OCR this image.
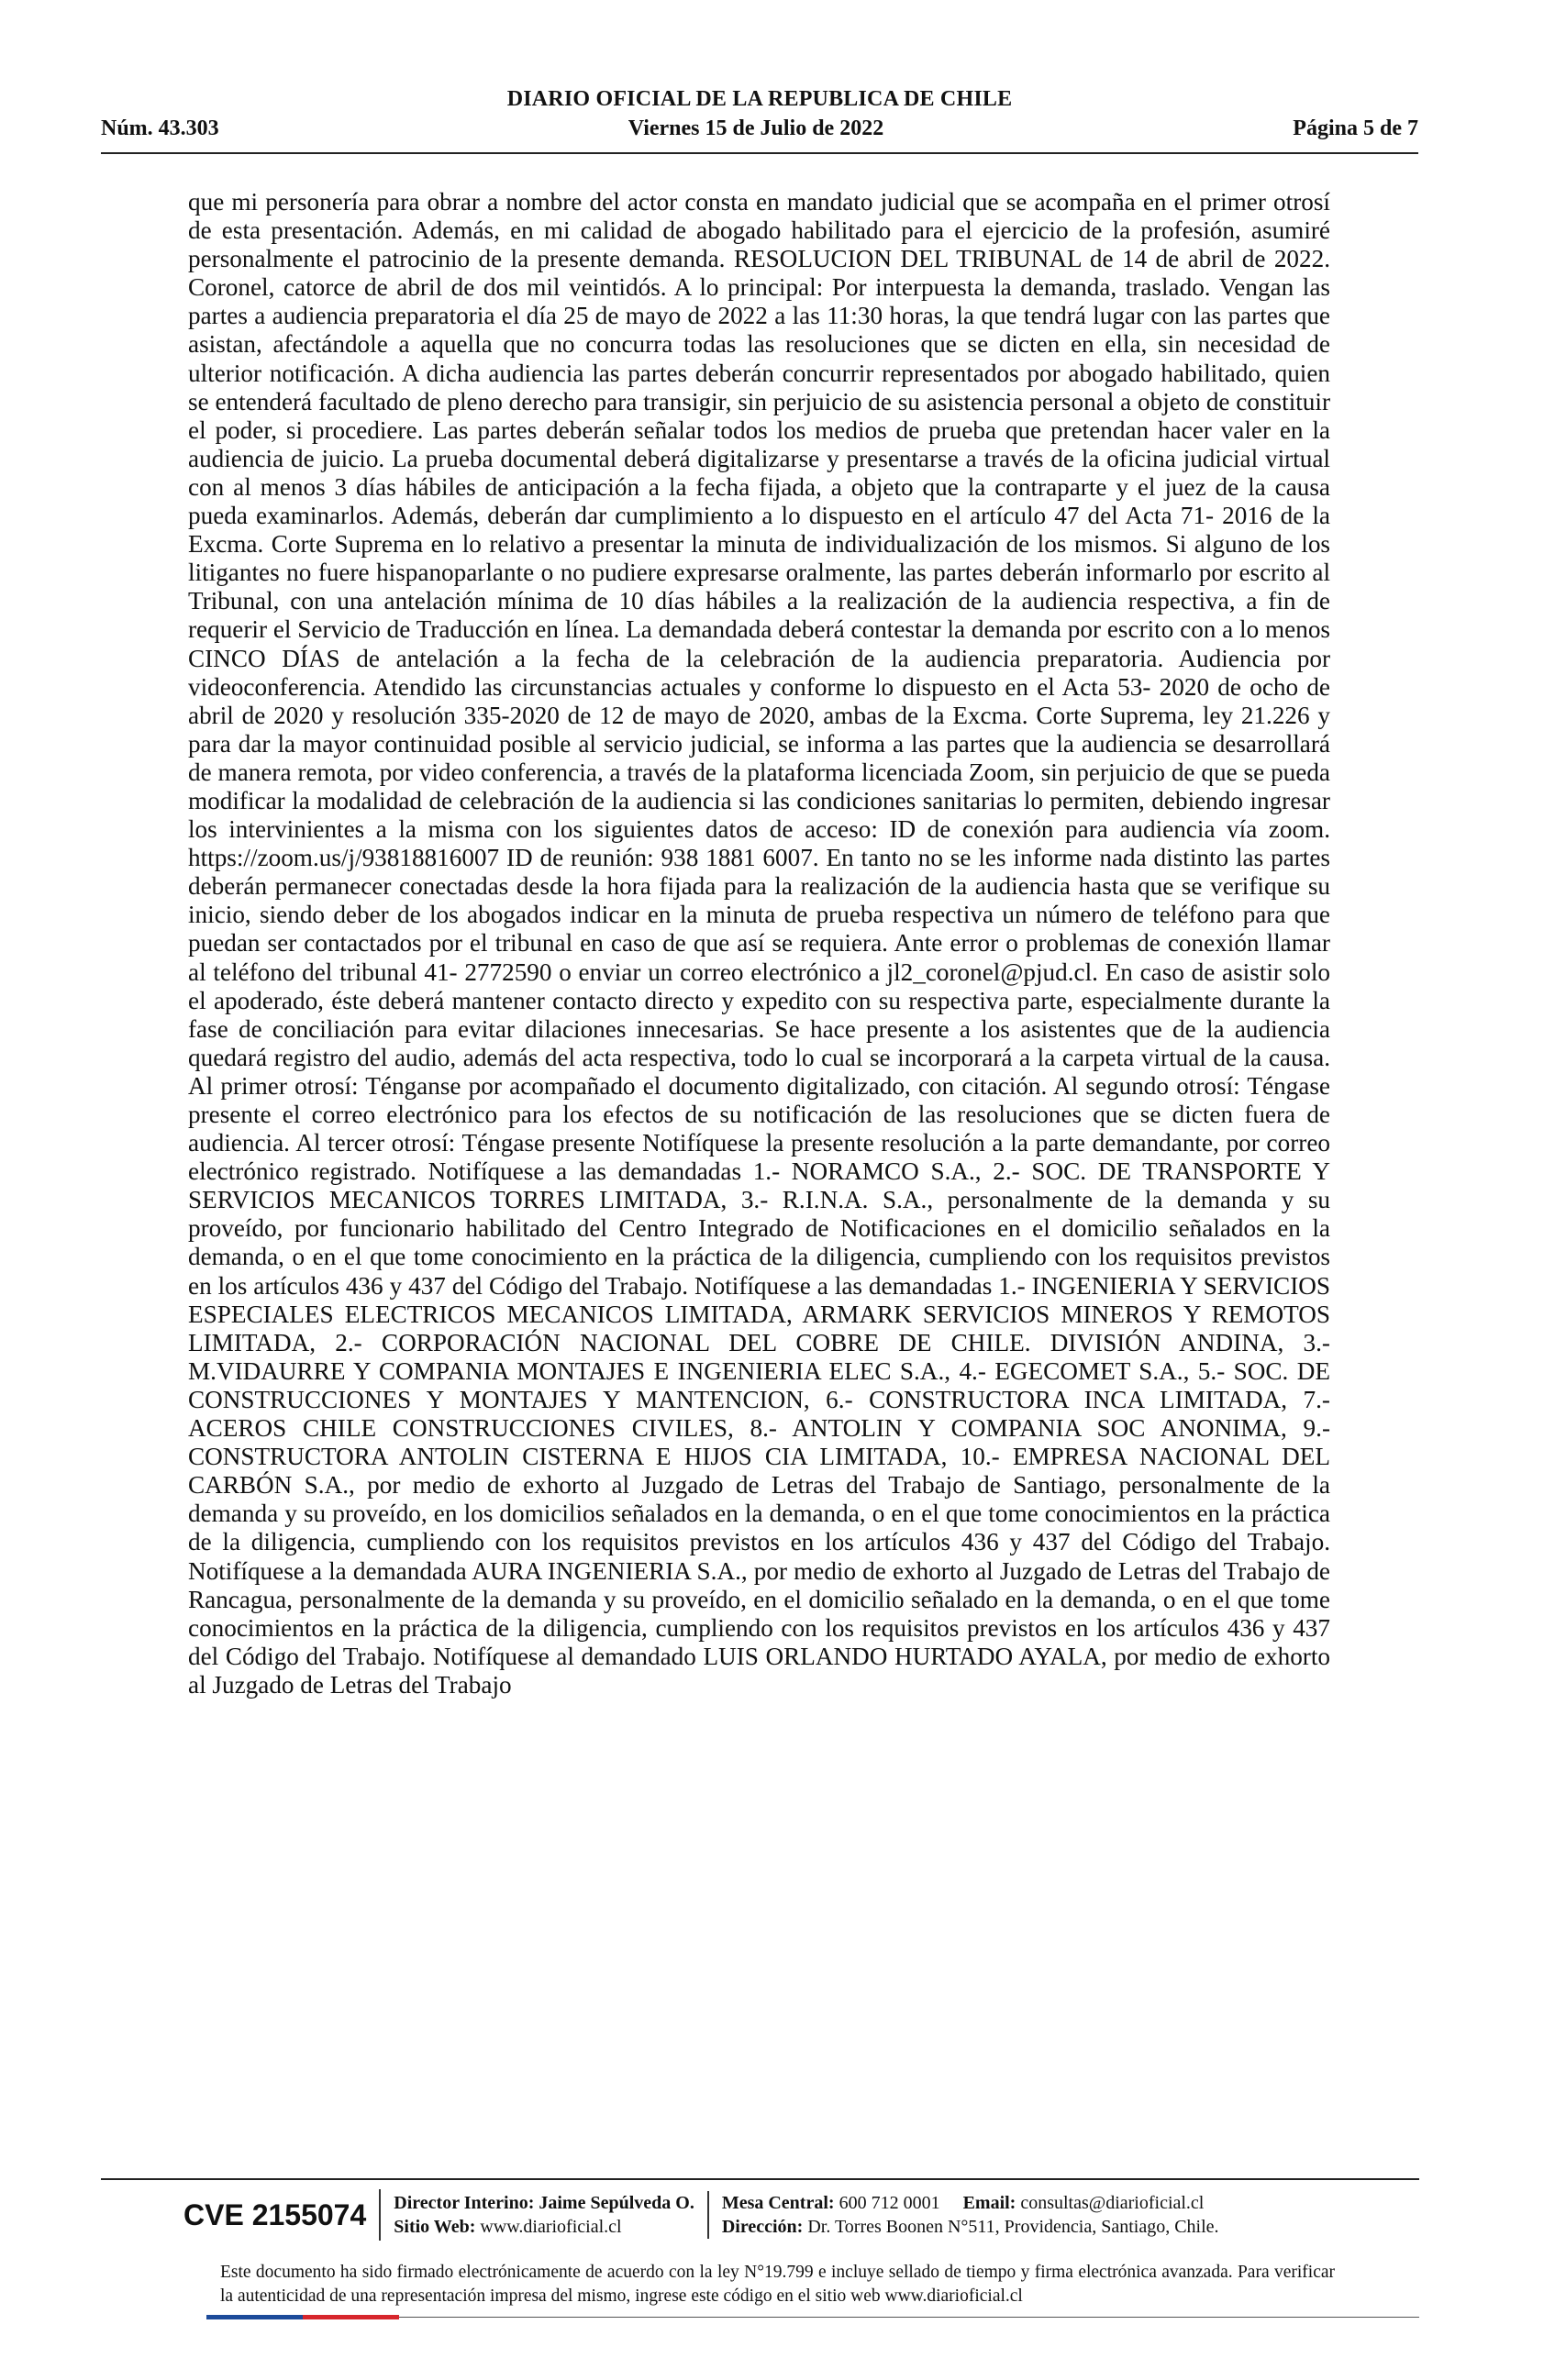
DIARIO OFICIAL DE LA REPUBLICA DE CHILE
Núm. 43.303	Viernes 15 de Julio de 2022	Página 5 de 7

que mi personería para obrar a nombre del actor consta en mandato judicial que se acompaña en el primer otrosí de esta presentación. Además, en mi calidad de abogado habilitado para el ejercicio de la profesión, asumiré personalmente el patrocinio de la presente demanda. RESOLUCION DEL TRIBUNAL de 14 de abril de 2022. Coronel, catorce de abril de dos mil veintidós. A lo principal: Por interpuesta la demanda, traslado. Vengan las partes a audiencia preparatoria el día 25 de mayo de 2022 a las 11:30 horas, la que tendrá lugar con las partes que asistan, afectándole a aquella que no concurra todas las resoluciones que se dicten en ella, sin necesidad de ulterior notificación. A dicha audiencia las partes deberán concurrir representados por abogado habilitado, quien se entenderá facultado de pleno derecho para transigir, sin perjuicio de su asistencia personal a objeto de constituir el poder, si procediere. Las partes deberán señalar todos los medios de prueba que pretendan hacer valer en la audiencia de juicio. La prueba documental deberá digitalizarse y presentarse a través de la oficina judicial virtual con al menos 3 días hábiles de anticipación a la fecha fijada, a objeto que la contraparte y el juez de la causa pueda examinarlos. Además, deberán dar cumplimiento a lo dispuesto en el artículo 47 del Acta 71- 2016 de la Excma. Corte Suprema en lo relativo a presentar la minuta de individualización de los mismos. Si alguno de los litigantes no fuere hispanoparlante o no pudiere expresarse oralmente, las partes deberán informarlo por escrito al Tribunal, con una antelación mínima de 10 días hábiles a la realización de la audiencia respectiva, a fin de requerir el Servicio de Traducción en línea. La demandada deberá contestar la demanda por escrito con a lo menos CINCO DÍAS de antelación a la fecha de la celebración de la audiencia preparatoria. Audiencia por videoconferencia. Atendido las circunstancias actuales y conforme lo dispuesto en el Acta 53- 2020 de ocho de abril de 2020 y resolución 335-2020 de 12 de mayo de 2020, ambas de la Excma. Corte Suprema, ley 21.226 y para dar la mayor continuidad posible al servicio judicial, se informa a las partes que la audiencia se desarrollará de manera remota, por video conferencia, a través de la plataforma licenciada Zoom, sin perjuicio de que se pueda modificar la modalidad de celebración de la audiencia si las condiciones sanitarias lo permiten, debiendo ingresar los intervinientes a la misma con los siguientes datos de acceso: ID de conexión para audiencia vía zoom. https://zoom.us/j/93818816007 ID de reunión: 938 1881 6007. En tanto no se les informe nada distinto las partes deberán permanecer conectadas desde la hora fijada para la realización de la audiencia hasta que se verifique su inicio, siendo deber de los abogados indicar en la minuta de prueba respectiva un número de teléfono para que puedan ser contactados por el tribunal en caso de que así se requiera. Ante error o problemas de conexión llamar al teléfono del tribunal 41- 2772590 o enviar un correo electrónico a jl2_coronel@pjud.cl. En caso de asistir solo el apoderado, éste deberá mantener contacto directo y expedito con su respectiva parte, especialmente durante la fase de conciliación para evitar dilaciones innecesarias. Se hace presente a los asistentes que de la audiencia quedará registro del audio, además del acta respectiva, todo lo cual se incorporará a la carpeta virtual de la causa. Al primer otrosí: Ténganse por acompañado el documento digitalizado, con citación. Al segundo otrosí: Téngase presente el correo electrónico para los efectos de su notificación de las resoluciones que se dicten fuera de audiencia. Al tercer otrosí: Téngase presente Notifíquese la presente resolución a la parte demandante, por correo electrónico registrado. Notifíquese a las demandadas 1.- NORAMCO S.A., 2.- SOC. DE TRANSPORTE Y SERVICIOS MECANICOS TORRES LIMITADA, 3.- R.I.N.A. S.A., personalmente de la demanda y su proveído, por funcionario habilitado del Centro Integrado de Notificaciones en el domicilio señalados en la demanda, o en el que tome conocimiento en la práctica de la diligencia, cumpliendo con los requisitos previstos en los artículos 436 y 437 del Código del Trabajo. Notifíquese a las demandadas 1.- INGENIERIA Y SERVICIOS ESPECIALES ELECTRICOS MECANICOS LIMITADA, ARMARK SERVICIOS MINEROS Y REMOTOS LIMITADA, 2.- CORPORACIÓN NACIONAL DEL COBRE DE CHILE. DIVISIÓN ANDINA, 3.- M.VIDAURRE Y COMPANIA MONTAJES E INGENIERIA ELEC S.A., 4.- EGECOMET S.A., 5.- SOC. DE CONSTRUCCIONES Y MONTAJES Y MANTENCION, 6.- CONSTRUCTORA INCA LIMITADA, 7.- ACEROS CHILE CONSTRUCCIONES CIVILES, 8.- ANTOLIN Y COMPANIA SOC ANONIMA, 9.- CONSTRUCTORA ANTOLIN CISTERNA E HIJOS CIA LIMITADA, 10.- EMPRESA NACIONAL DEL CARBÓN S.A., por medio de exhorto al Juzgado de Letras del Trabajo de Santiago, personalmente de la demanda y su proveído, en los domicilios señalados en la demanda, o en el que tome conocimientos en la práctica de la diligencia, cumpliendo con los requisitos previstos en los artículos 436 y 437 del Código del Trabajo. Notifíquese a la demandada AURA INGENIERIA S.A., por medio de exhorto al Juzgado de Letras del Trabajo de Rancagua, personalmente de la demanda y su proveído, en el domicilio señalado en la demanda, o en el que tome conocimientos en la práctica de la diligencia, cumpliendo con los requisitos previstos en los artículos 436 y 437 del Código del Trabajo. Notifíquese al demandado LUIS ORLANDO HURTADO AYALA, por medio de exhorto al Juzgado de Letras del Trabajo

CVE 2155074	Director Interino: Jaime Sepúlveda O.
Sitio Web: www.diarioficial.cl
Mesa Central: 600 712 0001 Email: consultas@diarioficial.cl
Dirección: Dr. Torres Boonen N°511, Providencia, Santiago, Chile.

Este documento ha sido firmado electrónicamente de acuerdo con la ley N°19.799 e incluye sellado de tiempo y firma electrónica avanzada. Para verificar la autenticidad de una representación impresa del mismo, ingrese este código en el sitio web www.diarioficial.cl
